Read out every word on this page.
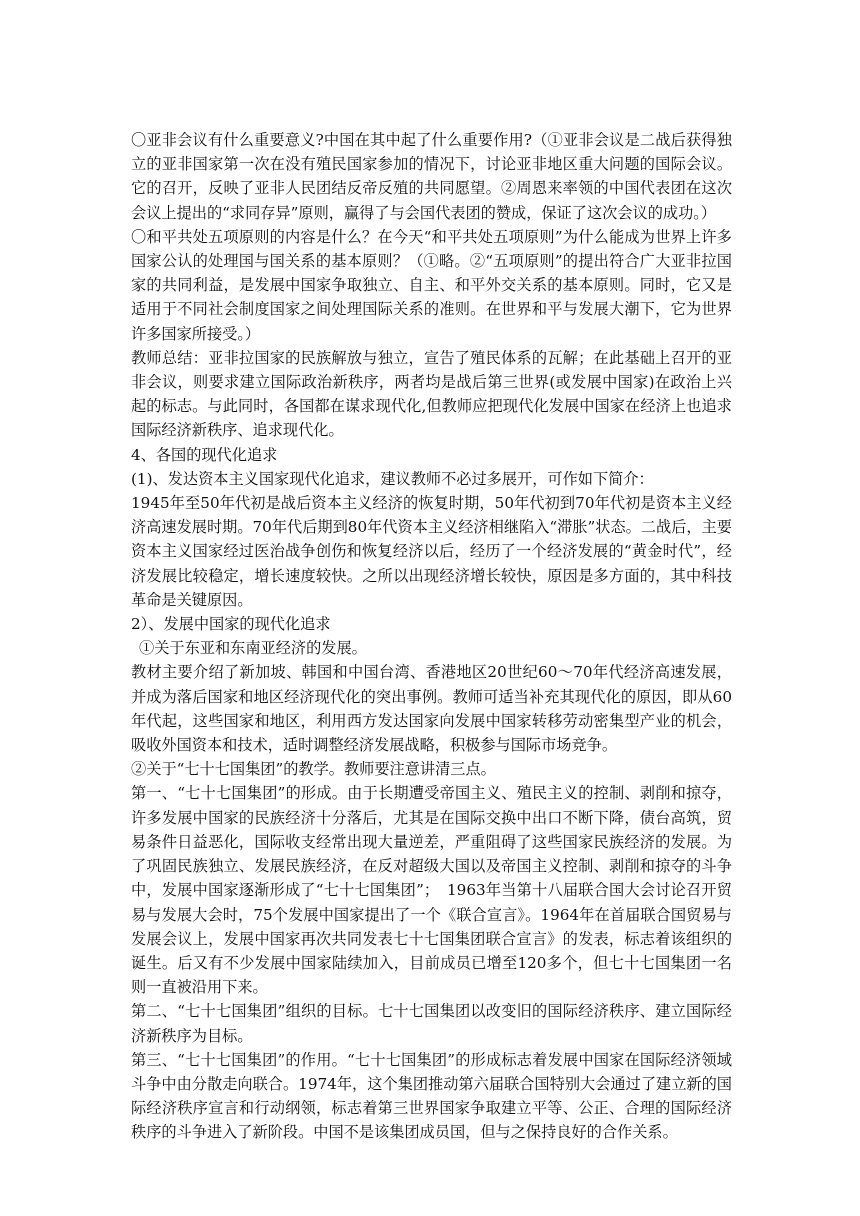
〇亚非会议有什么重要意义?中国在其中起了什么重要作用?（①亚非会议是二战后获得独立的亚非国家第一次在没有殖民国家参加的情况下，讨论亚非地区重大问题的国际会议。它的召开，反映了亚非人民团结反帝反殖的共同愿望。②周恩来率领的中国代表团在这次会议上提出的“求同存异”原则，赢得了与会国代表团的赞成，保证了这次会议的成功。）

〇和平共处五项原则的内容是什么？在今天“和平共处五项原则”为什么能成为世界上许多国家公认的处理国与国关系的基本原则？（①略。②“五项原则”的提出符合广大亚非拉国家的共同利益，是发展中国家争取独立、自主、和平外交关系的基本原则。同时，它又是适用于不同社会制度国家之间处理国际关系的准则。在世界和平与发展大潮下，它为世界许多国家所接受。）

教师总结：亚非拉国家的民族解放与独立，宣告了殖民体系的瓦解；在此基础上召开的亚非会议，则要求建立国际政治新秩序，两者均是战后第三世界(或发展中国家)在政治上兴起的标志。与此同时，各国都在谋求现代化,但教师应把现代化发展中国家在经济上也追求国际经济新秩序、追求现代化。

4、各国的现代化追求

(1)、发达资本主义国家现代化追求，建议教师不必过多展开，可作如下简介：

1945年至50年代初是战后资本主义经济的恢复时期，50年代初到70年代初是资本主义经济高速发展时期。70年代后期到80年代资本主义经济相继陷入“滞胀”状态。二战后，主要资本主义国家经过医治战争创伤和恢复经济以后，经历了一个经济发展的“黄金时代”，经济发展比较稳定，增长速度较快。之所以出现经济增长较快，原因是多方面的，其中科技革命是关键原因。

2）、发展中国家的现代化追求

①关于东亚和东南亚经济的发展。

教材主要介绍了新加坡、韩国和中国台湾、香港地区20世纪60～70年代经济高速发展，并成为落后国家和地区经济现代化的突出事例。教师可适当补充其现代化的原因，即从60年代起，这些国家和地区，利用西方发达国家向发展中国家转移劳动密集型产业的机会，吸收外国资本和技术，适时调整经济发展战略，积极参与国际市场竞争。

②关于“七十七国集团”的教学。教师要注意讲清三点。

第一、“七十七国集团”的形成。由于长期遭受帝国主义、殖民主义的控制、剥削和掠夺，许多发展中国家的民族经济十分落后，尤其是在国际交换中出口不断下降，债台高筑，贸易条件日益恶化，国际收支经常出现大量逆差，严重阻碍了这些国家民族经济的发展。为了巩固民族独立、发展民族经济，在反对超级大国以及帝国主义控制、剥削和掠夺的斗争中，发展中国家逐渐形成了“七十七国集团”；　1963年当第十八届联合国大会讨论召开贸易与发展大会时，75个发展中国家提出了一个《联合宣言》。1964年在首届联合国贸易与发展会议上，发展中国家再次共同发表七十七国集团联合宣言》的发表，标志着该组织的诞生。后又有不少发展中国家陆续加入，目前成员已增至120多个，但七十七国集团一名则一直被沿用下来。

第二、“七十七国集团”组织的目标。七十七国集团以改变旧的国际经济秩序、建立国际经济新秩序为目标。

第三、“七十七国集团”的作用。“七十七国集团”的形成标志着发展中国家在国际经济领域斗争中由分散走向联合。1974年，这个集团推动第六届联合国特别大会通过了建立新的国际经济秩序宣言和行动纲领，标志着第三世界国家争取建立平等、公正、合理的国际经济秩序的斗争进入了新阶段。中国不是该集团成员国，但与之保持良好的合作关系。
